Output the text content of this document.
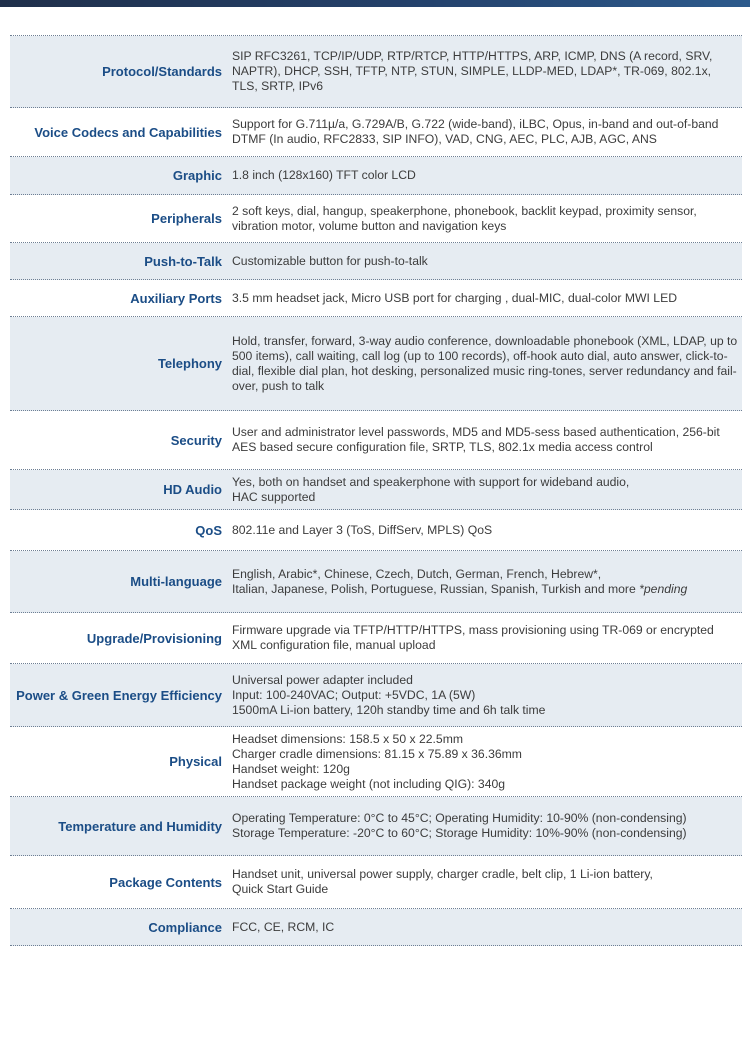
Protocol/Standards
SIP RFC3261, TCP/IP/UDP, RTP/RTCP, HTTP/HTTPS, ARP, ICMP, DNS (A record, SRV, NAPTR), DHCP, SSH, TFTP, NTP, STUN, SIMPLE, LLDP-MED, LDAP*, TR-069, 802.1x, TLS, SRTP, IPv6
Voice Codecs and Capabilities
Support for G.711µ/a, G.729A/B, G.722 (wide-band), iLBC, Opus, in-band and out-of-band DTMF (In audio, RFC2833, SIP INFO), VAD, CNG, AEC, PLC, AJB, AGC, ANS
Graphic 1.8 inch (128x160) TFT color LCD
Peripherals
2 soft keys, dial, hangup, speakerphone, phonebook, backlit keypad, proximity sensor, vibration motor, volume button and navigation keys
Push-to-Talk Customizable button for push-to-talk
Auxiliary Ports 3.5 mm headset jack, Micro USB port for charging , dual-MIC, dual-color MWI LED
Telephony
Hold, transfer, forward, 3-way audio conference, downloadable phonebook (XML, LDAP, up to 500 items), call waiting, call log (up to 100 records), off-hook auto dial, auto answer, click-to-dial, flexible dial plan, hot desking, personalized music ring-tones, server redundancy and fail-over, push to talk
Security
User and administrator level passwords, MD5 and MD5-sess based authentication, 256-bit AES based secure configuration file, SRTP, TLS, 802.1x media access control
HD Audio
Yes, both on handset and speakerphone with support for wideband audio,
HAC supported
QoS 802.11e and Layer 3 (ToS, DiffServ, MPLS) QoS
Multi-language
English, Arabic*, Chinese, Czech, Dutch, German, French, Hebrew*,
Italian, Japanese, Polish, Portuguese, Russian, Spanish, Turkish and more *pending
Upgrade/Provisioning
Firmware upgrade via TFTP/HTTP/HTTPS, mass provisioning using TR-069 or encrypted XML configuration file, manual upload
Power & Green Energy Efficiency
Universal power adapter included
Input: 100-240VAC; Output: +5VDC, 1A (5W)
1500mA Li-ion battery, 120h standby time and 6h talk time
Physical
Headset dimensions: 158.5 x 50 x 22.5mm
Charger cradle dimensions: 81.15 x 75.89 x 36.36mm
Handset weight: 120g
Handset package weight (not including QIG): 340g
Temperature and Humidity
Operating Temperature: 0°C to 45°C; Operating Humidity: 10-90% (non-condensing)
Storage Temperature: -20°C to 60°C; Storage Humidity: 10%-90% (non-condensing)
Package Contents
Handset unit, universal power supply, charger cradle, belt clip, 1 Li-ion battery,
Quick Start Guide
Compliance FCC, CE, RCM, IC
